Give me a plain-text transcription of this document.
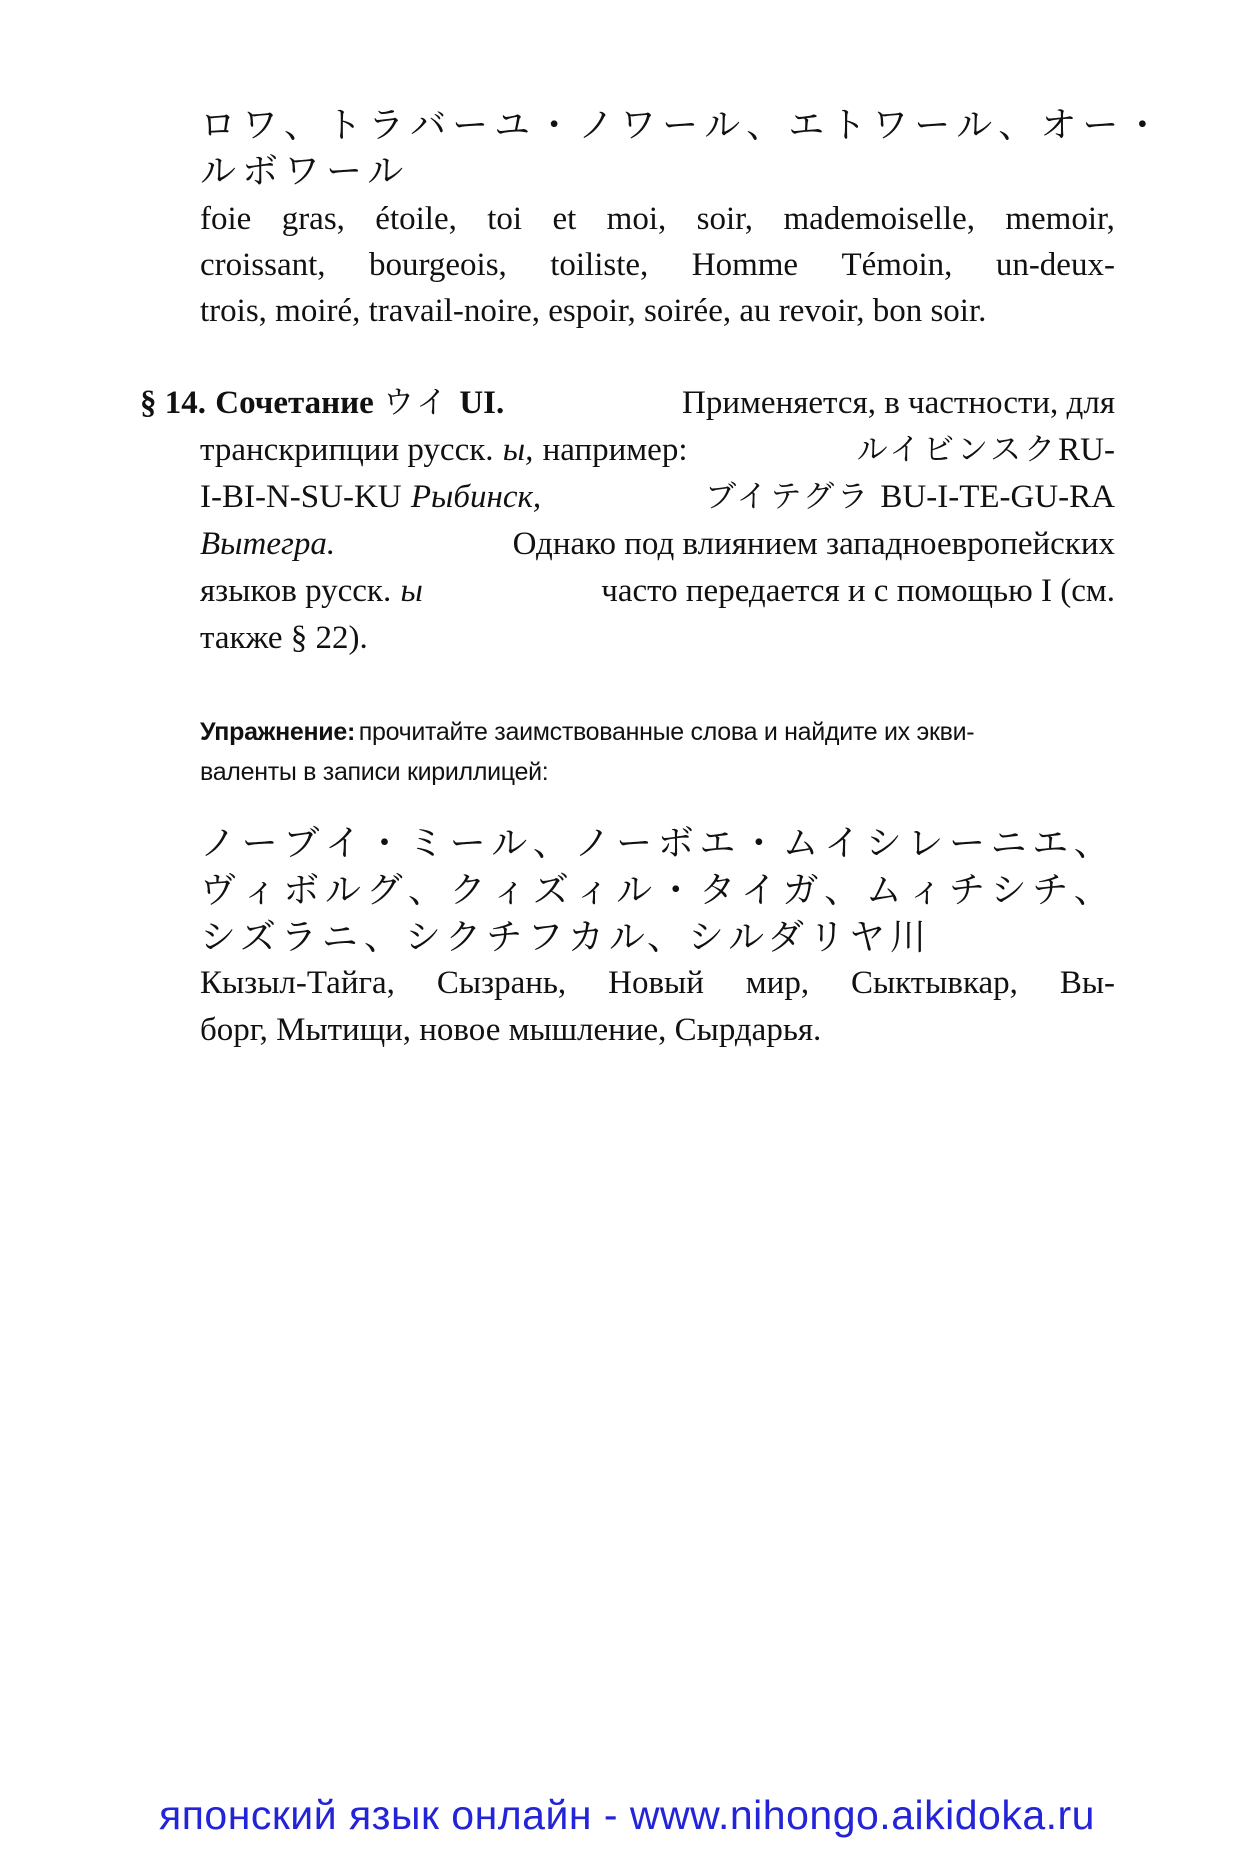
ロ ワ 、 ト ラ バ ー ユ ・ ノ ワ ー ル 、 エ ト ワ ー ル 、 オ ー ・
ルボワール
foie gras, étoile, toi et moi, soir, mademoiselle, memoir,
croissant, bourgeois, toiliste, Homme Témoin, un-deux-
trois, moiré, travail-noire, espoir, soirée, au revoir, bon soir.
§ 14. Сочетание ウイ UI.	Применяется, в частности, для
транскрипции русск. ы, например:	ルイビンスクRU-
I-BI-N-SU-KU Рыбинск,	ブイテグラ BU-I-TE-GU-RA
Вытегра.	Однако под влиянием западноевропейских
языков русск. ы	часто передается и с помощью I (см.
также § 22).
Упражнение: прочитайте заимствованные слова и найдите их экви-
валенты в записи кириллицей:
ノ ー ブ イ ・ ミ ー ル 、 ノ ー ボ エ ・ ム イ シ レ ー ニ エ 、
ヴ ィ ボ ル グ 、 ク ィ ズ ィ ル ・ タ イ ガ 、 ム ィ チ シ チ 、
シズラニ、シクチフカル、シルダリヤ川
Кызыл-Тайга, Сызрань, Новый мир, Сыктывкар, Вы-
борг, Мытищи, новое мышление, Сырдарья.
японский язык онлайн - www.nihongo.aikidoka.ru
